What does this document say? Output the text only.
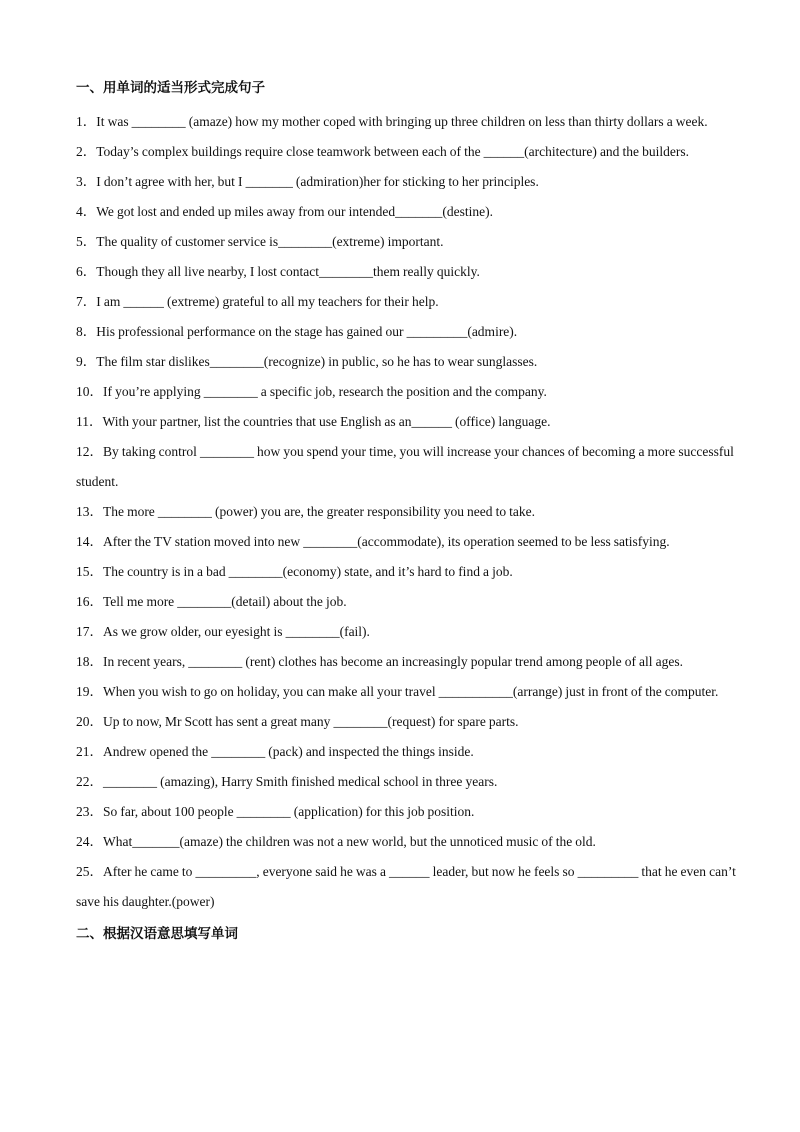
一、用单词的适当形式完成句子

1．It was ________ (amaze) how my mother coped with bringing up three children on less than thirty dollars a week.

2．Today’s complex buildings require close teamwork between each of the ______(architecture) and the builders.

3．I don’t agree with her, but I _______ (admiration)her for sticking to her principles.

4．We got lost and ended up miles away from our intended_______(destine).

5．The quality of customer service is________(extreme) important.

6．Though they all live nearby, I lost contact________them really quickly.

7．I am ______ (extreme) grateful to all my teachers for their help.

8．His professional performance on the stage has gained our _________(admire).

9．The film star dislikes________(recognize) in public, so he has to wear sunglasses.

10．If you’re applying ________ a specific job, research the position and the company.

11．With your partner, list the countries that use English as an______ (office) language.

12．By taking control ________ how you spend your time, you will increase your chances of becoming a more successful student.

13．The more ________ (power) you are, the greater responsibility you need to take.

14．After the TV station moved into new ________(accommodate), its operation seemed to be less satisfying.

15．The country is in a bad ________(economy) state, and it’s hard to find a job.

16．Tell me more ________(detail) about the job.

17．As we grow older, our eyesight is ________(fail).

18．In recent years, ________ (rent) clothes has become an increasingly popular trend among people of all ages.

19．When you wish to go on holiday, you can make all your travel ___________(arrange) just in front of the computer.

20．Up to now, Mr Scott has sent a great many ________(request) for spare parts.

21．Andrew opened the ________ (pack) and inspected the things inside.

22．________ (amazing), Harry Smith finished medical school in three years.

23．So far, about 100 people ________ (application) for this job position.

24．What_______(amaze) the children was not a new world, but the unnoticed music of the old.

25．After he came to _________, everyone said he was a ______ leader, but now he feels so _________ that he even can’t save his daughter.(power)

二、根据汉语意思填写单词
